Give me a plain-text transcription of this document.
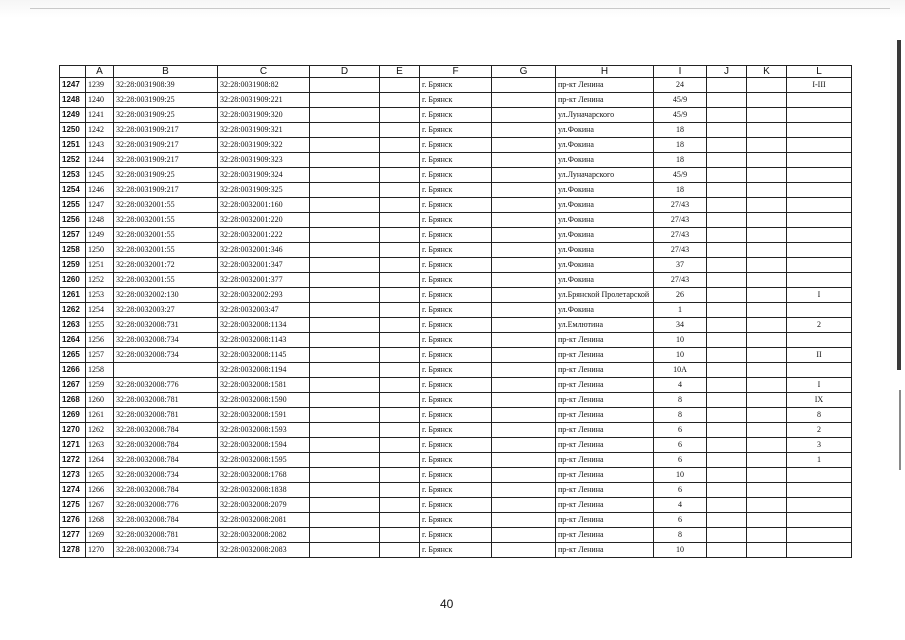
	A	B	C	D	E	F	G	H	I	J	K	L
1247	1239	32:28:0031908:39	32:28:0031908:82			г. Брянск		пр-кт Ленина	24			I-III
1248	1240	32:28:0031909:25	32:28:0031909:221			г. Брянск		пр-кт Ленина	45/9			
1249	1241	32:28:0031909:25	32:28:0031909:320			г. Брянск		ул.Луначарского	45/9			
1250	1242	32:28:0031909:217	32:28:0031909:321			г. Брянск		ул.Фокина	18			
1251	1243	32:28:0031909:217	32:28:0031909:322			г. Брянск		ул.Фокина	18			
1252	1244	32:28:0031909:217	32:28:0031909:323			г. Брянск		ул.Фокина	18			
1253	1245	32:28:0031909:25	32:28:0031909:324			г. Брянск		ул.Луначарского	45/9			
1254	1246	32:28:0031909:217	32:28:0031909:325			г. Брянск		ул.Фокина	18			
1255	1247	32:28:0032001:55	32:28:0032001:160			г. Брянск		ул.Фокина	27/43			
1256	1248	32:28:0032001:55	32:28:0032001:220			г. Брянск		ул.Фокина	27/43			
1257	1249	32:28:0032001:55	32:28:0032001:222			г. Брянск		ул.Фокина	27/43			
1258	1250	32:28:0032001:55	32:28:0032001:346			г. Брянск		ул.Фокина	27/43			
1259	1251	32:28:0032001:72	32:28:0032001:347			г. Брянск		ул.Фокина	37			
1260	1252	32:28:0032001:55	32:28:0032001:377			г. Брянск		ул.Фокина	27/43			
1261	1253	32:28:0032002:130	32:28:0032002:293			г. Брянск		ул.Брянской Пролетарской	26			I
1262	1254	32:28:0032003:27	32:28:0032003:47			г. Брянск		ул.Фокина	1			
1263	1255	32:28:0032008:731	32:28:0032008:1134			г. Брянск		ул.Емлютина	34			2
1264	1256	32:28:0032008:734	32:28:0032008:1143			г. Брянск		пр-кт Ленина	10			
1265	1257	32:28:0032008:734	32:28:0032008:1145			г. Брянск		пр-кт Ленина	10			II
1266	1258		32:28:0032008:1194			г. Брянск		пр-кт Ленина	10А			
1267	1259	32:28:0032008:776	32:28:0032008:1581			г. Брянск		пр-кт Ленина	4			I
1268	1260	32:28:0032008:781	32:28:0032008:1590			г. Брянск		пр-кт Ленина	8			IX
1269	1261	32:28:0032008:781	32:28:0032008:1591			г. Брянск		пр-кт Ленина	8			8
1270	1262	32:28:0032008:784	32:28:0032008:1593			г. Брянск		пр-кт Ленина	6			2
1271	1263	32:28:0032008:784	32:28:0032008:1594			г. Брянск		пр-кт Ленина	6			3
1272	1264	32:28:0032008:784	32:28:0032008:1595			г. Брянск		пр-кт Ленина	6			1
1273	1265	32:28:0032008:734	32:28:0032008:1768			г. Брянск		пр-кт Ленина	10			
1274	1266	32:28:0032008:784	32:28:0032008:1838			г. Брянск		пр-кт Ленина	6			
1275	1267	32:28:0032008:776	32:28:0032008:2079			г. Брянск		пр-кт Ленина	4			
1276	1268	32:28:0032008:784	32:28:0032008:2081			г. Брянск		пр-кт Ленина	6			
1277	1269	32:28:0032008:781	32:28:0032008:2082			г. Брянск		пр-кт Ленина	8			
1278	1270	32:28:0032008:734	32:28:0032008:2083			г. Брянск		пр-кт Ленина	10			
40
